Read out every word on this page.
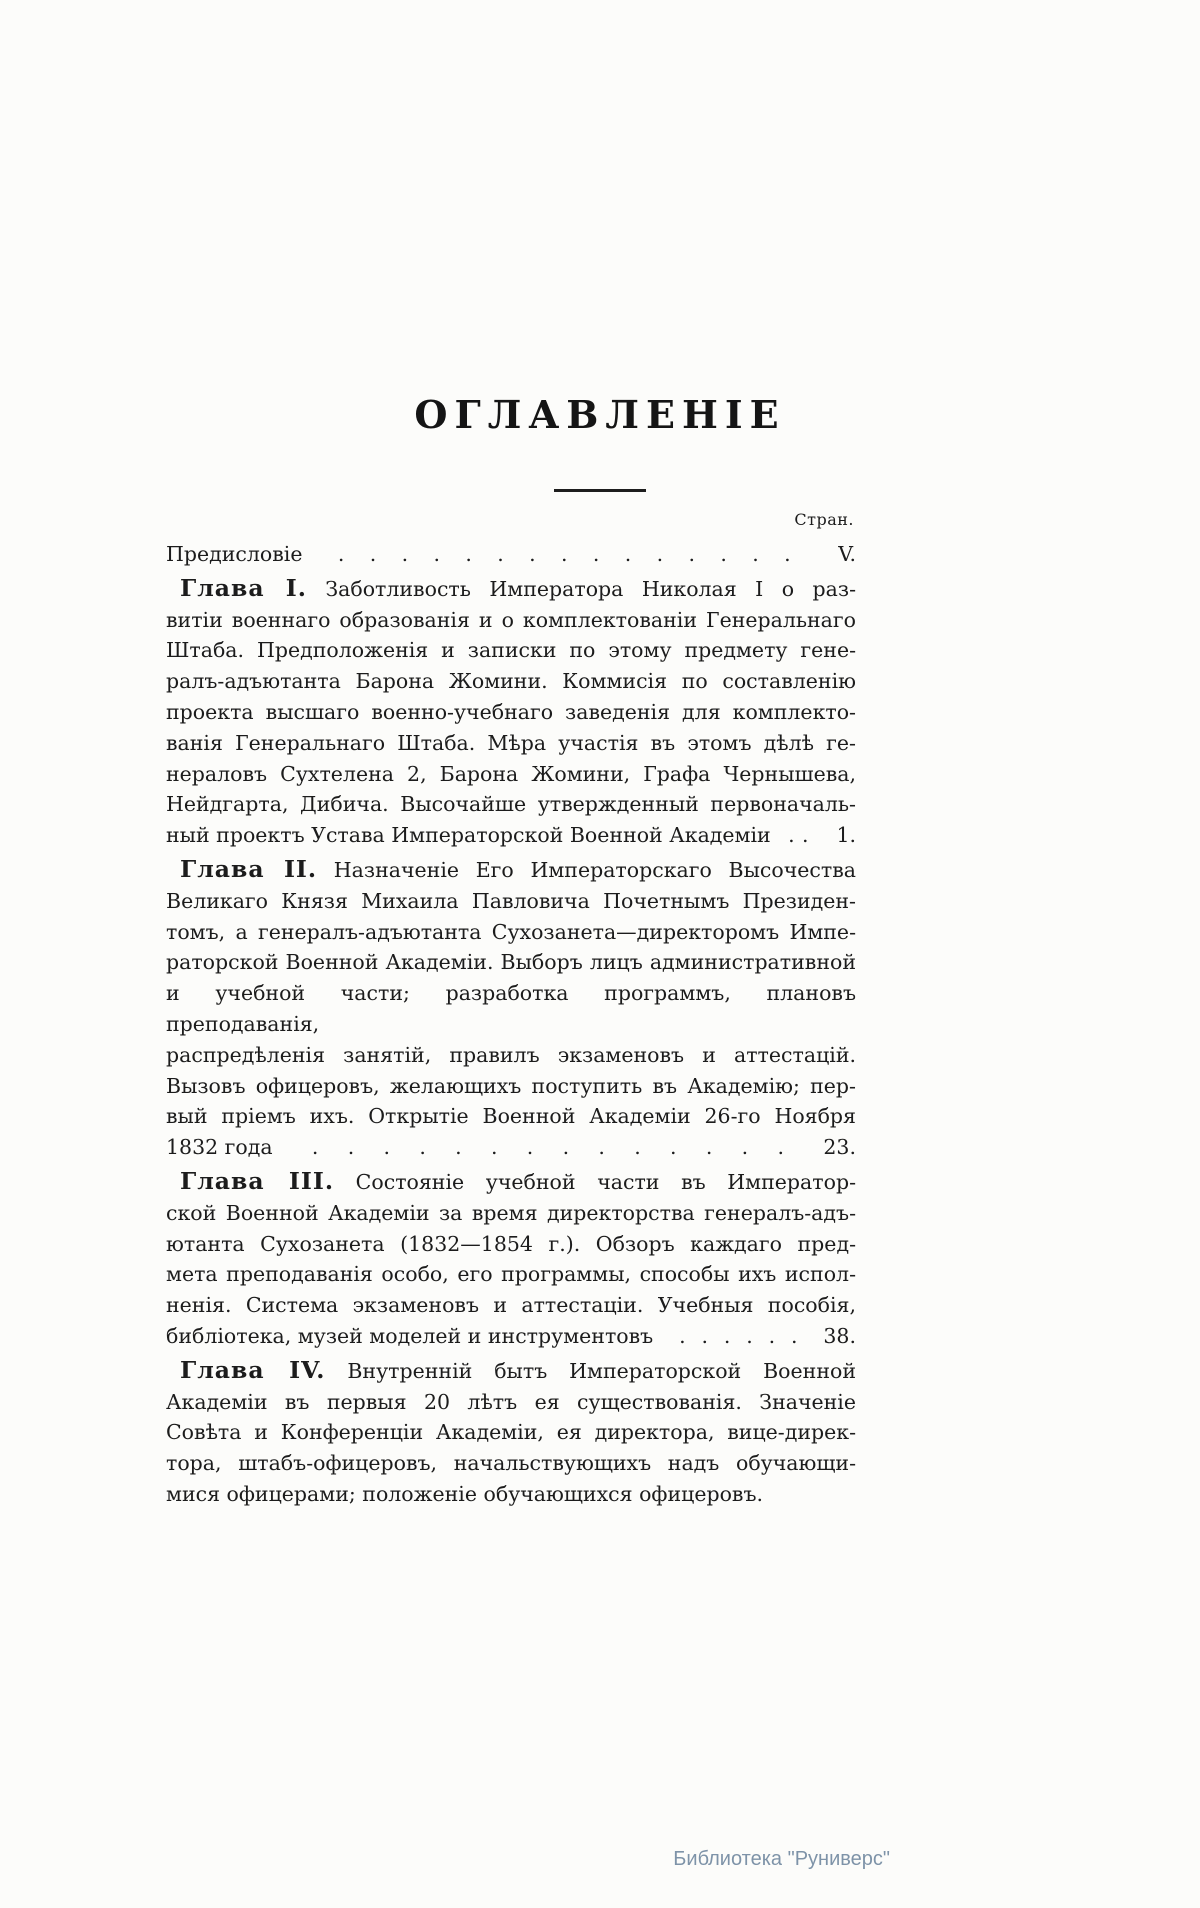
ОГЛАВЛЕНІЕ
Стран.
Предисловіе . . . . . . . . . . . . . . .	V.
Глава I. Заботливость Императора Николая I о раз-
витіи военнаго образованія и о комплектованіи Генеральнаго
Штаба. Предположенія и записки по этому предмету гене-
ралъ-адъютанта Барона Жомини. Коммисія по составленію
проекта высшаго военно-учебнаго заведенія для комплекто-
ванія Генеральнаго Штаба. Мѣра участія въ этомъ дѣлѣ ге-
нераловъ Сухтелена 2, Барона Жомини, Графа Чернышева,
Нейдгарта, Дибича. Высочайше утвержденный первоначаль-
ный проектъ Устава Императорской Военной Академіи . .	1.
Глава II. Назначеніе Его Императорскаго Высочества
Великаго Князя Михаила Павловича Почетнымъ Президен-
томъ, а генералъ-адъютанта Сухозанета—директоромъ Импе-
раторской Военной Академіи. Выборъ лицъ административной
и учебной части; разработка программъ, плановъ преподаванія,
распредѣленія занятій, правилъ экзаменовъ и аттестацій.
Вызовъ офицеровъ, желающихъ поступить въ Академію; пер-
вый пріемъ ихъ. Открытіе Военной Академіи 26-го Ноября
1832 года . . . . . . . . . . . . . . 23.
Глава III. Состояніе учебной части въ Император-
ской Военной Академіи за время директорства генералъ-адъ-
ютанта Сухозанета (1832—1854 г.). Обзоръ каждаго пред-
мета преподаванія особо, его программы, способы ихъ испол-
ненія. Система экзаменовъ и аттестаціи. Учебныя пособія,
библіотека, музей моделей и инструментовъ . . . . . . 38.
Глава IV. Внутренній бытъ Императорской Военной
Академіи въ первыя 20 лѣтъ ея существованія. Значеніе
Совѣта и Конференціи Академіи, ея директора, вице-дирек-
тора, штабъ-офицеровъ, начальствующихъ надъ обучающи-
мися офицерами; положеніе обучающихся офицеровъ.
Библиотека "Руниверс"
